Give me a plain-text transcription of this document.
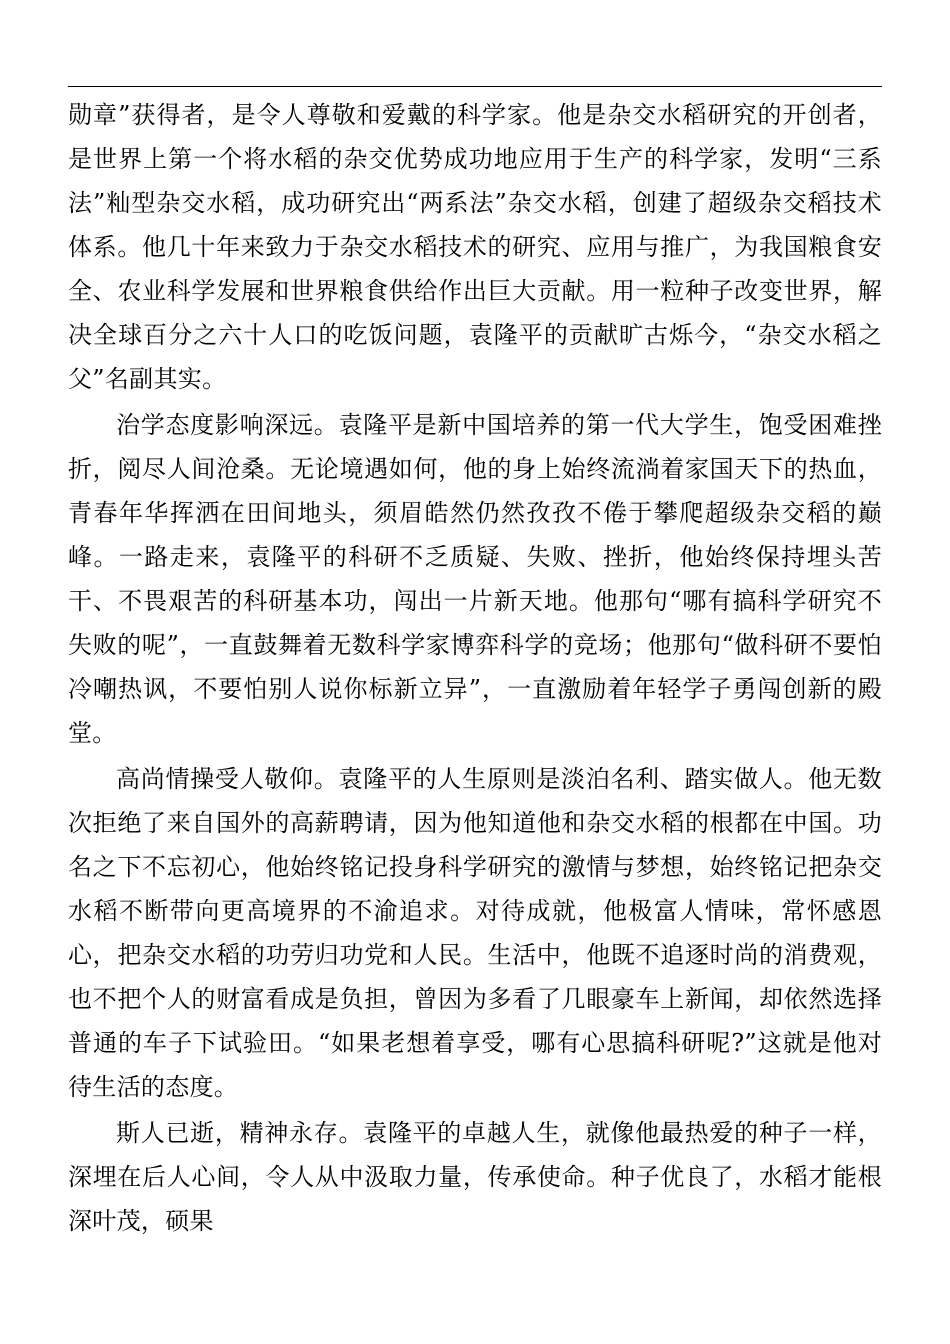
勋章”获得者，是令人尊敬和爱戴的科学家。他是杂交水稻研究的开创者，是世界上第一个将水稻的杂交优势成功地应用于生产的科学家，发明“三系法”籼型杂交水稻，成功研究出“两系法”杂交水稻，创建了超级杂交稻技术体系。他几十年来致力于杂交水稻技术的研究、应用与推广，为我国粮食安全、农业科学发展和世界粮食供给作出巨大贡献。用一粒种子改变世界，解决全球百分之六十人口的吃饭问题，袁隆平的贡献旷古烁今，“杂交水稻之父”名副其实。

治学态度影响深远。袁隆平是新中国培养的第一代大学生，饱受困难挫折，阅尽人间沧桑。无论境遇如何，他的身上始终流淌着家国天下的热血，青春年华挥洒在田间地头，须眉皓然仍然孜孜不倦于攀爬超级杂交稻的巅峰。一路走来，袁隆平的科研不乏质疑、失败、挫折，他始终保持埋头苦干、不畏艰苦的科研基本功，闯出一片新天地。他那句“哪有搞科学研究不失败的呢”，一直鼓舞着无数科学家博弈科学的竞场；他那句“做科研不要怕冷嘲热讽，不要怕别人说你标新立异”，一直激励着年轻学子勇闯创新的殿堂。

高尚情操受人敬仰。袁隆平的人生原则是淡泊名利、踏实做人。他无数次拒绝了来自国外的高薪聘请，因为他知道他和杂交水稻的根都在中国。功名之下不忘初心，他始终铭记投身科学研究的激情与梦想，始终铭记把杂交水稻不断带向更高境界的不渝追求。对待成就，他极富人情味，常怀感恩心，把杂交水稻的功劳归功党和人民。生活中，他既不追逐时尚的消费观，也不把个人的财富看成是负担，曾因为多看了几眼豪车上新闻，却依然选择普通的车子下试验田。“如果老想着享受，哪有心思搞科研呢?”这就是他对待生活的态度。

斯人已逝，精神永存。袁隆平的卓越人生，就像他最热爱的种子一样，深埋在后人心间，令人从中汲取力量，传承使命。种子优良了，水稻才能根深叶茂，硕果
